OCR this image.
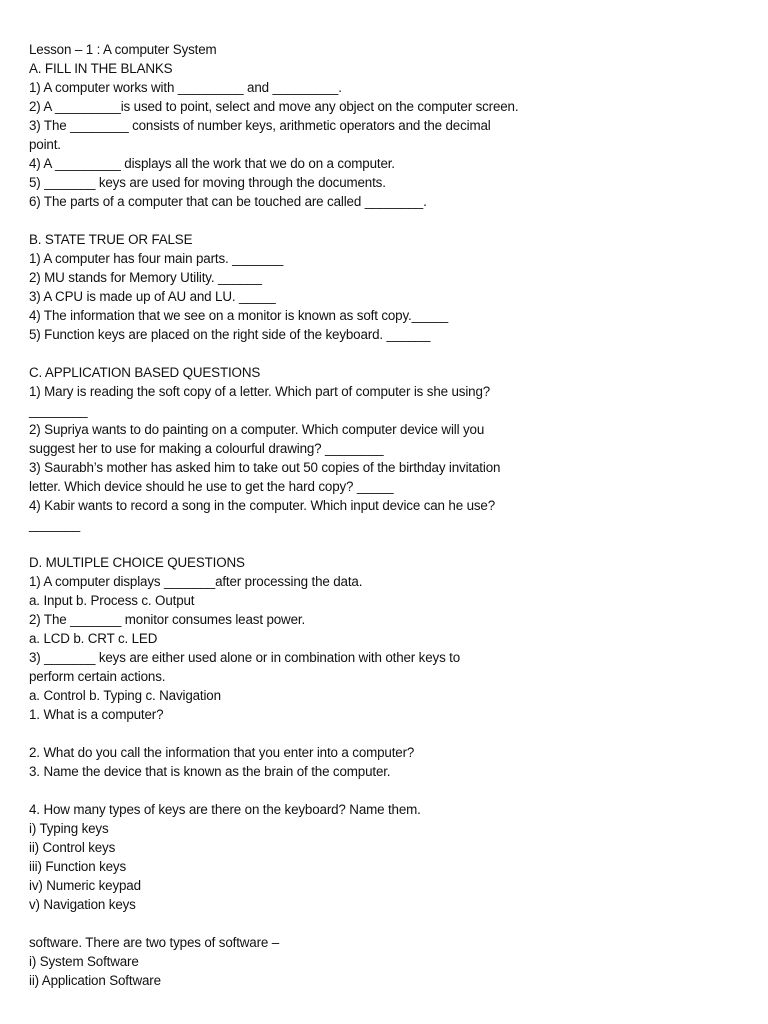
Lesson – 1 : A computer System
A. FILL IN THE BLANKS
1) A computer works with _________ and _________.
2) A _________is used to point, select and move any object on the computer screen.
3) The ________ consists of number keys, arithmetic operators and the decimal
point.
4) A _________ displays all the work that we do on a computer.
5) _______ keys are used for moving through the documents.
6) The parts of a computer that can be touched are called ________.
B. STATE TRUE OR FALSE
1) A computer has four main parts. _______
2) MU stands for Memory Utility. ______
3) A CPU is made up of AU and LU. _____
4) The information that we see on a monitor is known as soft copy._____
5) Function keys are placed on the right side of the keyboard. ______
C. APPLICATION BASED QUESTIONS
1) Mary is reading the soft copy of a letter. Which part of computer is she using?
________
2) Supriya wants to do painting on a computer. Which computer device will you
suggest her to use for making a colourful drawing? ________
3) Saurabh’s mother has asked him to take out 50 copies of the birthday invitation
letter. Which device should he use to get the hard copy? _____
4) Kabir wants to record a song in the computer. Which input device can he use?
_______
D. MULTIPLE CHOICE QUESTIONS
1) A computer displays _______after processing the data.
a. Input b. Process c. Output
2) The _______ monitor consumes least power.
a. LCD b. CRT c. LED
3) _______ keys are either used alone or in combination with other keys to
perform certain actions.
a. Control b. Typing c. Navigation
1. What is a computer?
2. What do you call the information that you enter into a computer?
3. Name the device that is known as the brain of the computer.
4. How many types of keys are there on the keyboard? Name them.
i) Typing keys
ii) Control keys
iii) Function keys
iv) Numeric keypad
v) Navigation keys
software. There are two types of software –
i) System Software
ii) Application Software
